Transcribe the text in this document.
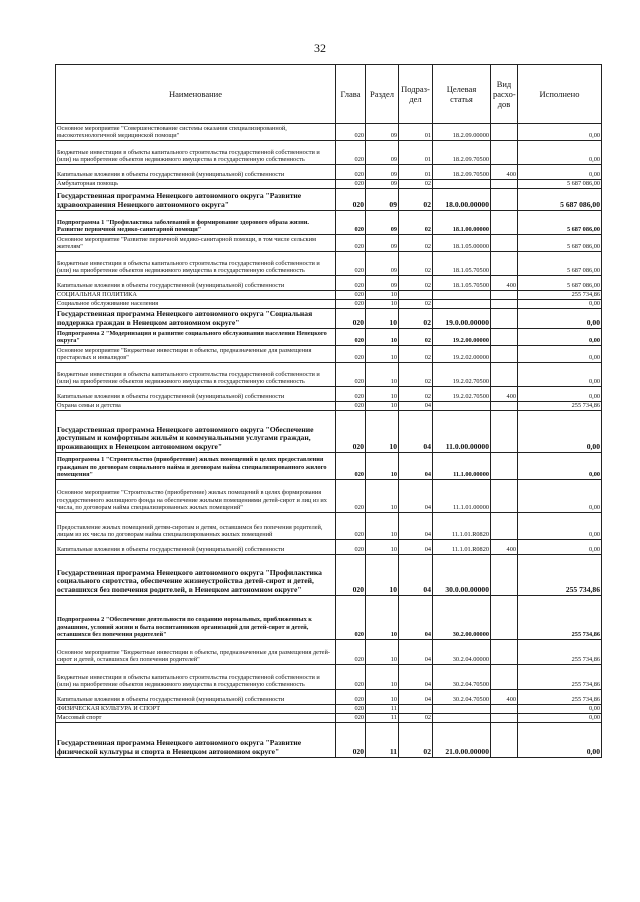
32
Наименование	Глава	Раздел	Подраз-дел	Целевая статья	Вид расхо-дов	Исполнено
Основное мероприятие "Совершенствование системы оказания специализированной, высокотехнологичной медицинской помощи"	020	09	01	18.2.09.00000		0,00
Бюджетные инвестиции в объекты капитального строительства государственной собственности и (или) на приобретение объектов недвижимого имущества в государственную собственность	020	09	01	18.2.09.70500		0,00
Капитальные вложения в объекты государственной (муниципальной) собственности	020	09	01	18.2.09.70500	400	0,00
Амбулаторная помощь	020	09	02			5 687 086,00
Государственная программа Ненецкого автономного округа "Развитие здравоохранения Ненецкого автономного округа"	020	09	02	18.0.00.00000		5 687 086,00
Подпрограмма 1 "Профилактика заболеваний и формирование здорового образа жизни. Развитие первичной медико-санитарной помощи"	020	09	02	18.1.00.00000		5 687 086,00
Основное мероприятие "Развитие первичной медико-санитарной помощи, в том числе сельским жителям"	020	09	02	18.1.05.00000		5 687 086,00
Бюджетные инвестиции в объекты капитального строительства государственной собственности и (или) на приобретение объектов недвижимого имущества в государственную собственность	020	09	02	18.1.05.70500		5 687 086,00
Капитальные вложения в объекты государственной (муниципальной) собственности	020	09	02	18.1.05.70500	400	5 687 086,00
СОЦИАЛЬНАЯ ПОЛИТИКА	020	10				255 734,86
Социальное обслуживание населения	020	10	02			0,00
Государственная программа Ненецкого автономного округа "Социальная поддержка граждан в Ненецком автономном округе"	020	10	02	19.0.00.00000		0,00
Подпрограмма 2 "Модернизация и развитие социального обслуживания населения Ненецкого округа"	020	10	02	19.2.00.00000		0,00
Основное мероприятие "Бюджетные инвестиции в объекты, предназначенные для размещения престарелых и инвалидов"	020	10	02	19.2.02.00000		0,00
Бюджетные инвестиции в объекты капитального строительства государственной собственности и (или) на приобретение объектов недвижимого имущества в государственную собственность	020	10	02	19.2.02.70500		0,00
Капитальные вложения в объекты государственной (муниципальной) собственности	020	10	02	19.2.02.70500	400	0,00
Охрана семьи и детства	020	10	04			255 734,86
Государственная программа Ненецкого автономного округа "Обеспечение доступным и комфортным жильём и коммунальными услугами граждан, проживающих в Ненецком автономном округе"	020	10	04	11.0.00.00000		0,00
Подпрограмма 1 "Строительство (приобретение) жилых помещений в целях предоставления гражданам по договорам социального найма и договорам найма специализированного жилого помещения"	020	10	04	11.1.00.00000		0,00
Основное мероприятие "Строительство (приобретение) жилых помещений в целях формирования государственного жилищного фонда на обеспечение жилыми помещениями детей-сирот и лиц из их числа, по договорам найма специализированных жилых помещений"	020	10	04	11.1.01.00000		0,00
Предоставление жилых помещений детям-сиротам и детям, оставшимся без попечения родителей, лицам из их числа по договорам найма специализированных жилых помещений	020	10	04	11.1.01.R0820		0,00
Капитальные вложения в объекты государственной (муниципальной) собственности	020	10	04	11.1.01.R0820	400	0,00
Государственная программа Ненецкого автономного округа "Профилактика социального сиротства, обеспечение жизнеустройства детей-сирот и детей, оставшихся без попечения родителей, в Ненецком автономном округе"	020	10	04	30.0.00.00000		255 734,86
Подпрограмма 2 "Обеспечение деятельности по созданию нормальных, приближенных к домашним, условий жизни и быта воспитанников организаций для детей-сирот и детей, оставшихся без попечения родителей"	020	10	04	30.2.00.00000		255 734,86
Основное мероприятие "Бюджетные инвестиции в объекты, предназначенные для размещения детей-сирот и детей, оставшихся без попечения родителей"	020	10	04	30.2.04.00000		255 734,86
Бюджетные инвестиции в объекты капитального строительства государственной собственности и (или) на приобретение объектов недвижимого имущества в государственную собственность	020	10	04	30.2.04.70500		255 734,86
Капитальные вложения в объекты государственной (муниципальной) собственности	020	10	04	30.2.04.70500	400	255 734,86
ФИЗИЧЕСКАЯ КУЛЬТУРА И СПОРТ	020	11				0,00
Массовый спорт	020	11	02			0,00
Государственная программа Ненецкого автономного округа "Развитие физической культуры и спорта в Ненецком автономном округе"	020	11	02	21.0.00.00000		0,00
